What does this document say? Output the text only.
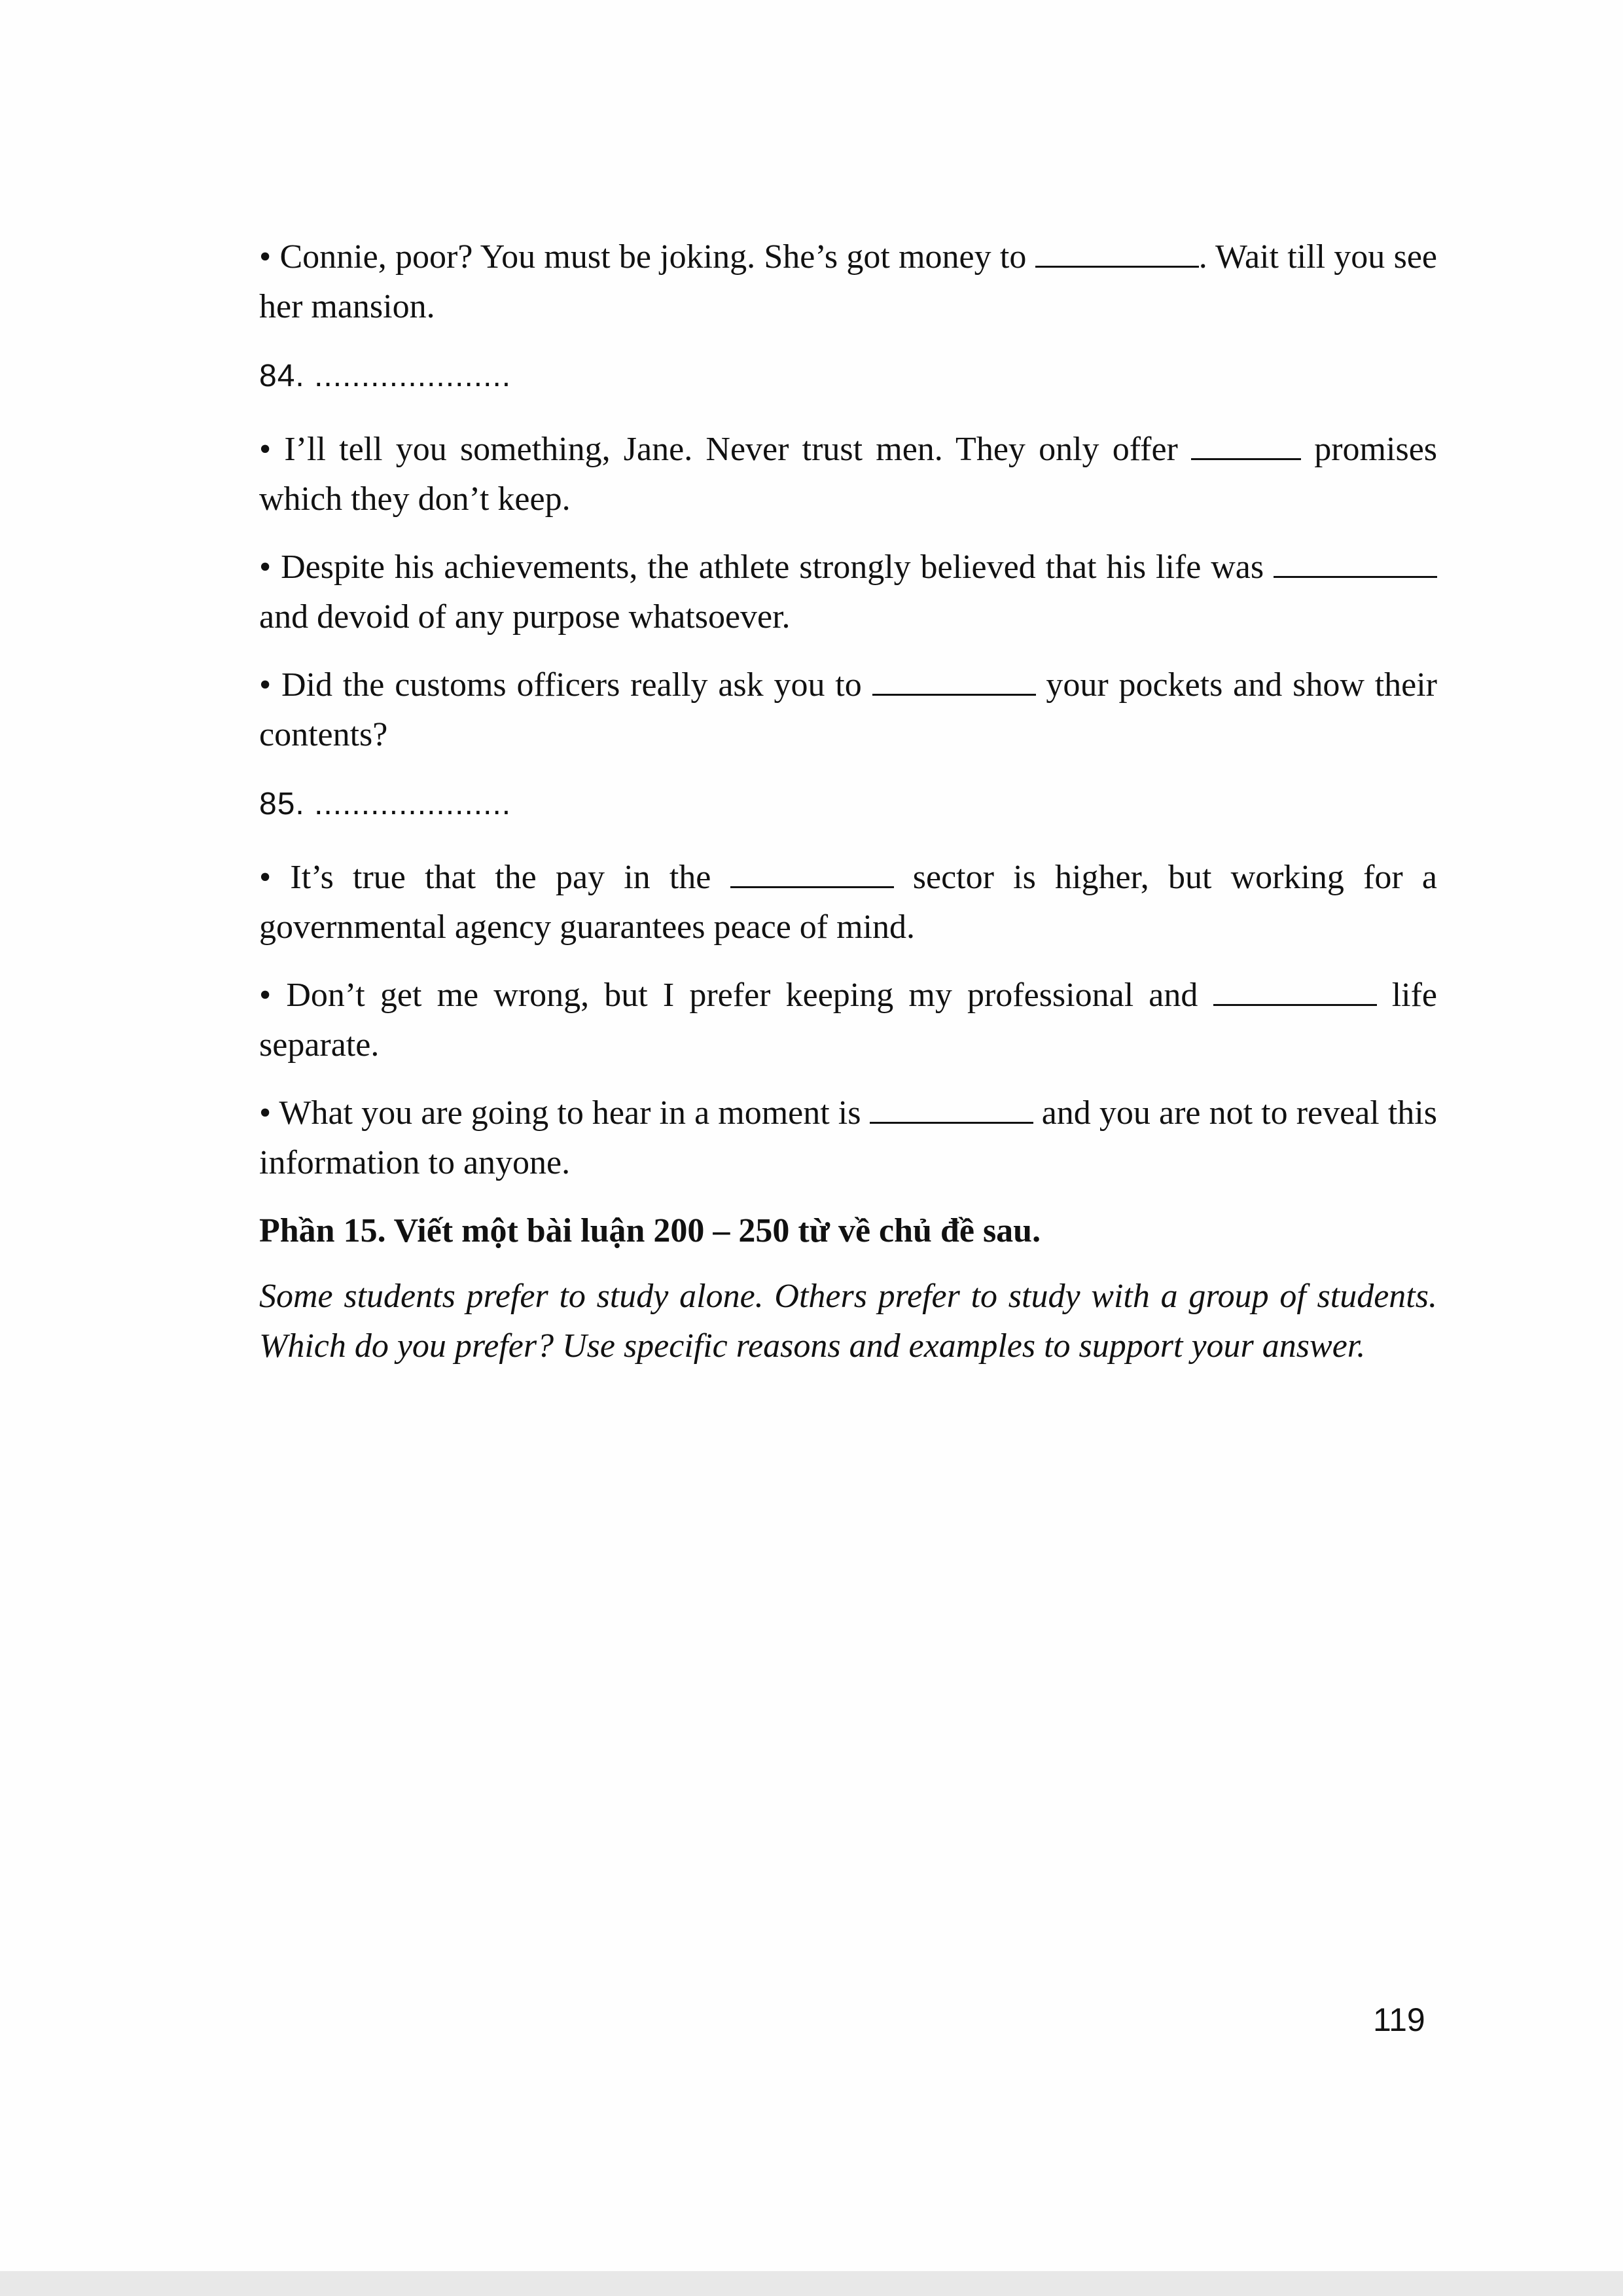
• Connie, poor? You must be joking. She’s got money to	. Wait till you see her mansion.

84. .....................

• I’ll tell you something, Jane. Never trust men. They only offer	promises which they don’t keep.

• Despite his achievements, the athlete strongly believed that his life was  and devoid of any purpose whatsoever.

• Did the customs officers really ask you to	your pockets and show their contents?

85. .....................

• It’s true that the pay in the	sector is higher, but working for a governmental agency guarantees peace of mind.

• Don’t get me wrong, but I prefer keeping my professional and	life separate.

• What you are going to hear in a moment is	and you are not to reveal this information to anyone.

Phần 15. Viết một bài luận 200 – 250 từ về chủ đề sau.

Some students prefer to study alone. Others prefer to study with a group of students. Which do you prefer? Use specific reasons and examples to support your answer.

119
